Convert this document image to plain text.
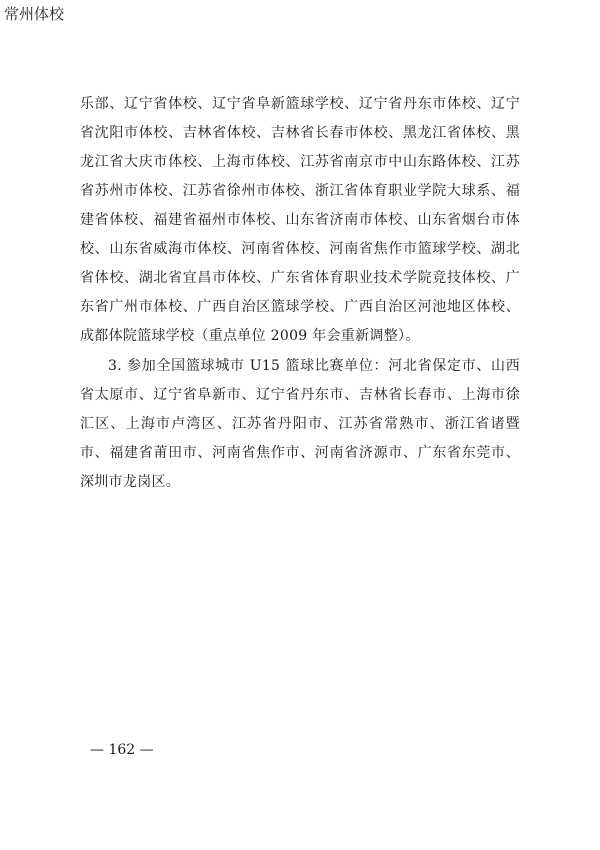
常州体校

乐部、辽宁省体校、辽宁省阜新篮球学校、辽宁省丹东市体校、辽宁省沈阳市体校、吉林省体校、吉林省长春市体校、黑龙江省体校、黑龙江省大庆市体校、上海市体校、江苏省南京市中山东路体校、江苏省苏州市体校、江苏省徐州市体校、浙江省体育职业学院大球系、福建省体校、福建省福州市体校、山东省济南市体校、山东省烟台市体校、山东省威海市体校、河南省体校、河南省焦作市篮球学校、湖北省体校、湖北省宜昌市体校、广东省体育职业技术学院竞技体校、广东省广州市体校、广西自治区篮球学校、广西自治区河池地区体校、成都体院篮球学校（重点单位 2009 年会重新调整）。

3. 参加全国篮球城市 U15 篮球比赛单位：河北省保定市、山西省太原市、辽宁省阜新市、辽宁省丹东市、吉林省长春市、上海市徐汇区、上海市卢湾区、江苏省丹阳市、江苏省常熟市、浙江省诸暨市、福建省莆田市、河南省焦作市、河南省济源市、广东省东莞市、深圳市龙岗区。

— 162 —
